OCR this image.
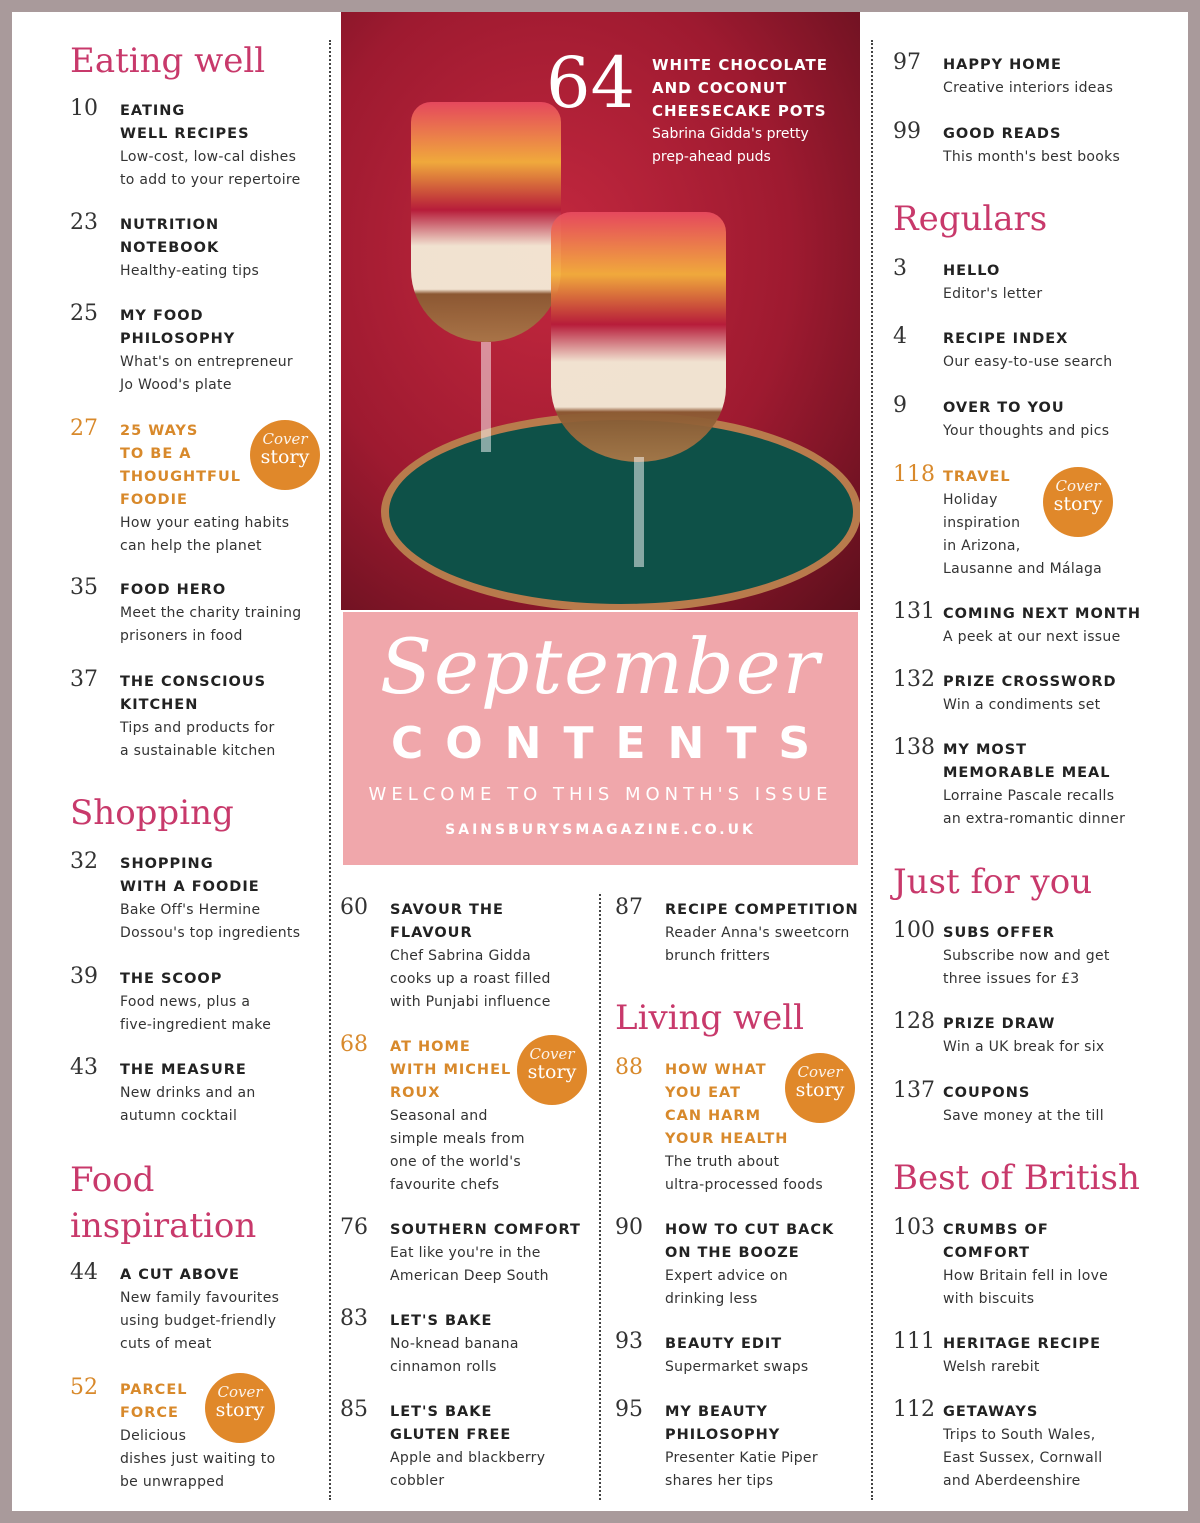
64 WHITE CHOCOLATE
AND COCONUT
CHEESECAKE POTS Sabrina Gidda's pretty
prep-ahead puds
September
CONTENTS
WELCOME TO THIS MONTH'S ISSUE
SAINSBURYSMAGAZINE.CO.UK
Eating well
10 EATING
WELL RECIPES
Low-cost, low-cal dishes
to add to your repertoire
23 NUTRITION
NOTEBOOK
Healthy-eating tips
25 MY FOOD
PHILOSOPHY
What's on entrepreneur
Jo Wood's plate
27 25 WAYS
TO BE A
THOUGHTFUL
FOODIE
How your eating habits
can help the planet
Cover
story
35 FOOD HERO
Meet the charity training
prisoners in food
37 THE CONSCIOUS
KITCHEN
Tips and products for
a sustainable kitchen
Shopping
32 SHOPPING
WITH A FOODIE
Bake Off's Hermine
Dossou's top ingredients
39 THE SCOOP
Food news, plus a
five-ingredient make
43 THE MEASURE
New drinks and an
autumn cocktail
Food
inspiration
44 A CUT ABOVE
New family favourites
using budget-friendly
cuts of meat
52 PARCEL
FORCE
Delicious
dishes just waiting to
be unwrapped
Cover
story
60 SAVOUR THE
FLAVOUR
Chef Sabrina Gidda
cooks up a roast filled
with Punjabi influence
68 AT HOME
WITH MICHEL
ROUX
Seasonal and
simple meals from
one of the world's
favourite chefs
Cover
story
76 SOUTHERN COMFORT
Eat like you're in the
American Deep South
83 LET'S BAKE
No-knead banana
cinnamon rolls
85 LET'S BAKE
GLUTEN FREE
Apple and blackberry
cobbler
87 RECIPE COMPETITION
Reader Anna's sweetcorn
brunch fritters
Living well
88 HOW WHAT
YOU EAT
CAN HARM
YOUR HEALTH
The truth about
ultra-processed foods
Cover
story
90 HOW TO CUT BACK
ON THE BOOZE
Expert advice on
drinking less
93 BEAUTY EDIT
Supermarket swaps
95 MY BEAUTY
PHILOSOPHY
Presenter Katie Piper
shares her tips
97 HAPPY HOME
Creative interiors ideas
99 GOOD READS
This month's best books
Regulars
3 HELLO
Editor's letter
4 RECIPE INDEX
Our easy-to-use search
9 OVER TO YOU
Your thoughts and pics
118 TRAVEL
Holiday
inspiration
in Arizona,
Lausanne and Málaga
Cover
story
131 COMING NEXT MONTH
A peek at our next issue
132 PRIZE CROSSWORD
Win a condiments set
138 MY MOST
MEMORABLE MEAL
Lorraine Pascale recalls
an extra-romantic dinner
Just for you
100 SUBS OFFER
Subscribe now and get
three issues for £3
128 PRIZE DRAW
Win a UK break for six
137 COUPONS
Save money at the till
Best of British
103 CRUMBS OF
COMFORT
How Britain fell in love
with biscuits
111 HERITAGE RECIPE
Welsh rarebit
112 GETAWAYS
Trips to South Wales,
East Sussex, Cornwall
and Aberdeenshire
